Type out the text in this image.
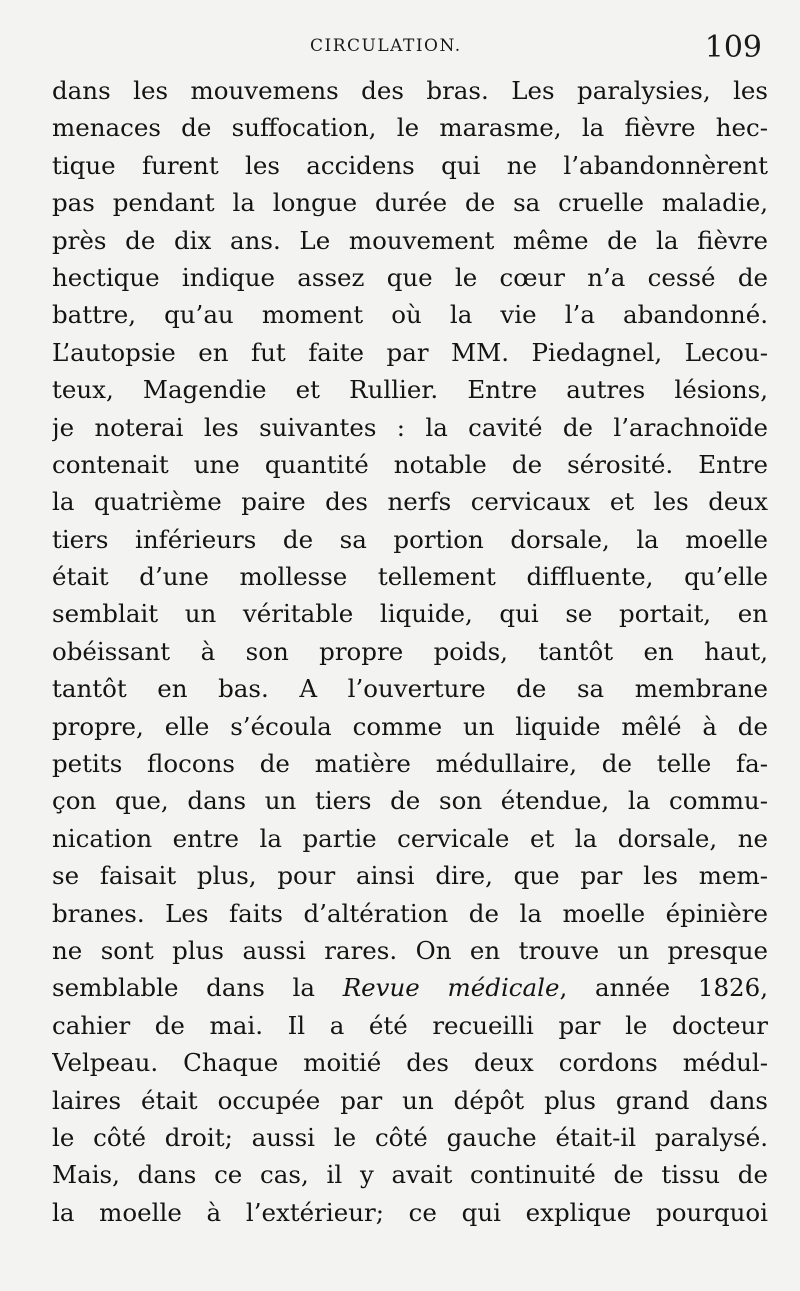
CIRCULATION.	109
dans les mouvemens des bras. Les paralysies, les
menaces de suffocation, le marasme, la fièvre hec-
tique furent les accidens qui ne l’abandonnèrent
pas pendant la longue durée de sa cruelle maladie,
près de dix ans. Le mouvement même de la fièvre
hectique indique assez que le cœur n’a cessé de
battre, qu’au moment où la vie l’a abandonné.
L’autopsie en fut faite par MM. Piedagnel, Lecou-
teux, Magendie et Rullier. Entre autres lésions,
je noterai les suivantes : la cavité de l’arachnoïde
contenait une quantité notable de sérosité. Entre
la quatrième paire des nerfs cervicaux et les deux
tiers inférieurs de sa portion dorsale, la moelle
était d’une mollesse tellement diffluente, qu’elle
semblait un véritable liquide, qui se portait, en
obéissant à son propre poids, tantôt en haut,
tantôt en bas. A l’ouverture de sa membrane
propre, elle s’écoula comme un liquide mêlé à de
petits flocons de matière médullaire, de telle fa-
çon que, dans un tiers de son étendue, la commu-
nication entre la partie cervicale et la dorsale, ne
se faisait plus, pour ainsi dire, que par les mem-
branes. Les faits d’altération de la moelle épinière
ne sont plus aussi rares. On en trouve un presque
semblable dans la Revue médicale, année 1826,
cahier de mai. Il a été recueilli par le docteur
Velpeau. Chaque moitié des deux cordons médul-
laires était occupée par un dépôt plus grand dans
le côté droit; aussi le côté gauche était-il paralysé.
Mais, dans ce cas, il y avait continuité de tissu de
la moelle à l’extérieur; ce qui explique pourquoi
